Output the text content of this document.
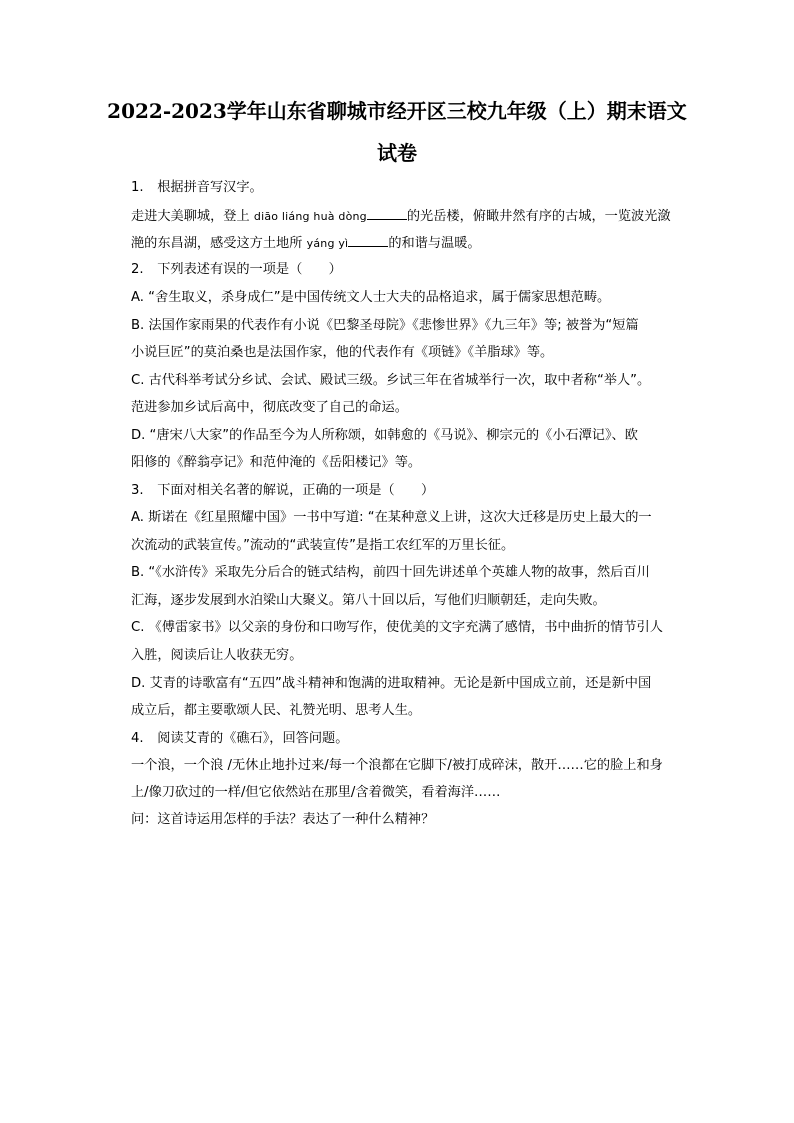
2022-2023学年山东省聊城市经开区三校九年级（上）期末语文
试卷
1. 根据拼音写汉字。
走进大美聊城，登上 diāo liáng huà dòng	的光岳楼，俯瞰井然有序的古城，一览波光潋
滟的东昌湖，感受这方土地所 yáng yì	的和谐与温暖。
2. 下列表述有误的一项是（　　）
A. “舍生取义，杀身成仁”是中国传统文人士大夫的品格追求，属于儒家思想范畴。
B. 法国作家雨果的代表作有小说《巴黎圣母院》《悲惨世界》《九三年》等; 被誉为“短篇
小说巨匠”的莫泊桑也是法国作家，他的代表作有《项链》《羊脂球》等。
C. 古代科举考试分乡试、会试、殿试三级。乡试三年在省城举行一次，取中者称“举人”。
范进参加乡试后高中，彻底改变了自己的命运。
D. “唐宋八大家”的作品至今为人所称颂，如韩愈的《马说》、柳宗元的《小石潭记》、欧
阳修的《醉翁亭记》和范仲淹的《岳阳楼记》等。
3. 下面对相关名著的解说，正确的一项是（　　）
A. 斯诺在《红星照耀中国》一书中写道: “在某种意义上讲，这次大迁移是历史上最大的一
次流动的武装宣传。”流动的“武装宣传”是指工农红军的万里长征。
B. “《水浒传》采取先分后合的链式结构，前四十回先讲述单个英雄人物的故事，然后百川
汇海，逐步发展到水泊梁山大聚义。第八十回以后，写他们归顺朝廷，走向失败。
C. 《傅雷家书》以父亲的身份和口吻写作，使优美的文字充满了感情，书中曲折的情节引人
入胜，阅读后让人收获无穷。
D. 艾青的诗歌富有“五四”战斗精神和饱满的进取精神。无论是新中国成立前，还是新中国
成立后，都主要歌颂人民、礼赞光明、思考人生。
4. 阅读艾青的《礁石》，回答问题。
一个浪，一个浪 /无休止地扑过来/每一个浪都在它脚下/被打成碎沫，散开……它的脸上和身
上/像刀砍过的一样/但它依然站在那里/含着微笑，看着海洋……
问：这首诗运用怎样的手法？表达了一种什么精神？
